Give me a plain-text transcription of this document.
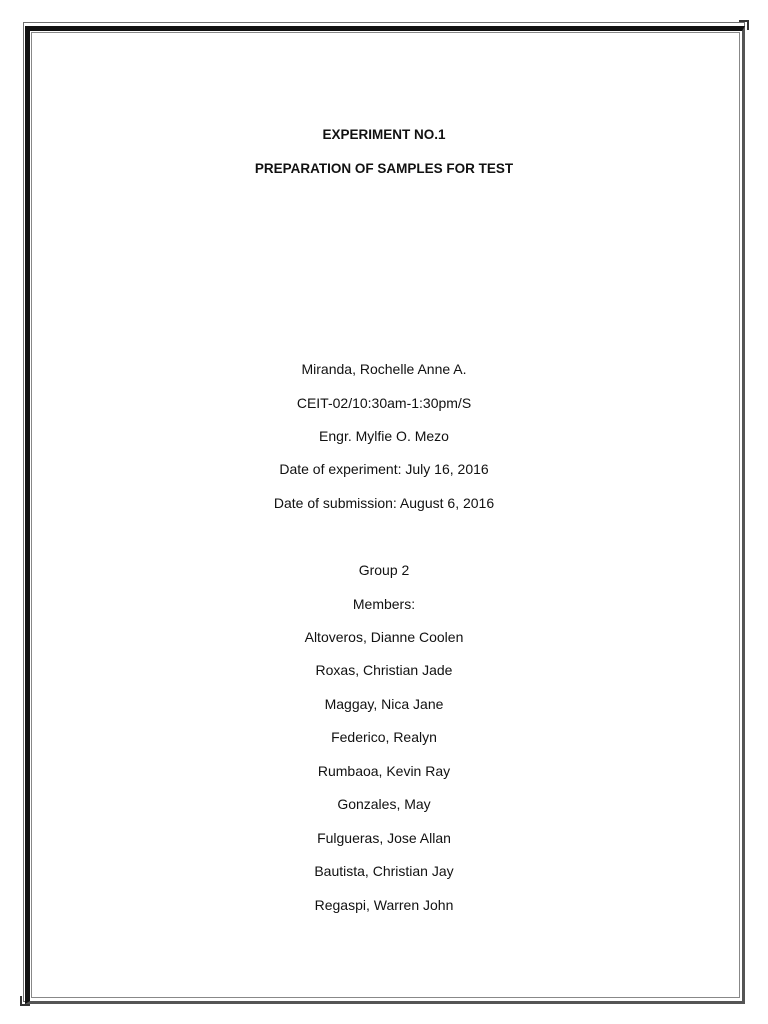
EXPERIMENT NO.1

PREPARATION OF SAMPLES FOR TEST

Miranda, Rochelle Anne A.

CEIT-02/10:30am-1:30pm/S

Engr. Mylfie O. Mezo

Date of experiment: July 16, 2016

Date of submission: August 6, 2016

Group 2

Members:

Altoveros, Dianne Coolen

Roxas, Christian Jade

Maggay, Nica Jane

Federico, Realyn

Rumbaoa, Kevin Ray

Gonzales, May

Fulgueras, Jose Allan

Bautista, Christian Jay

Regaspi, Warren John
